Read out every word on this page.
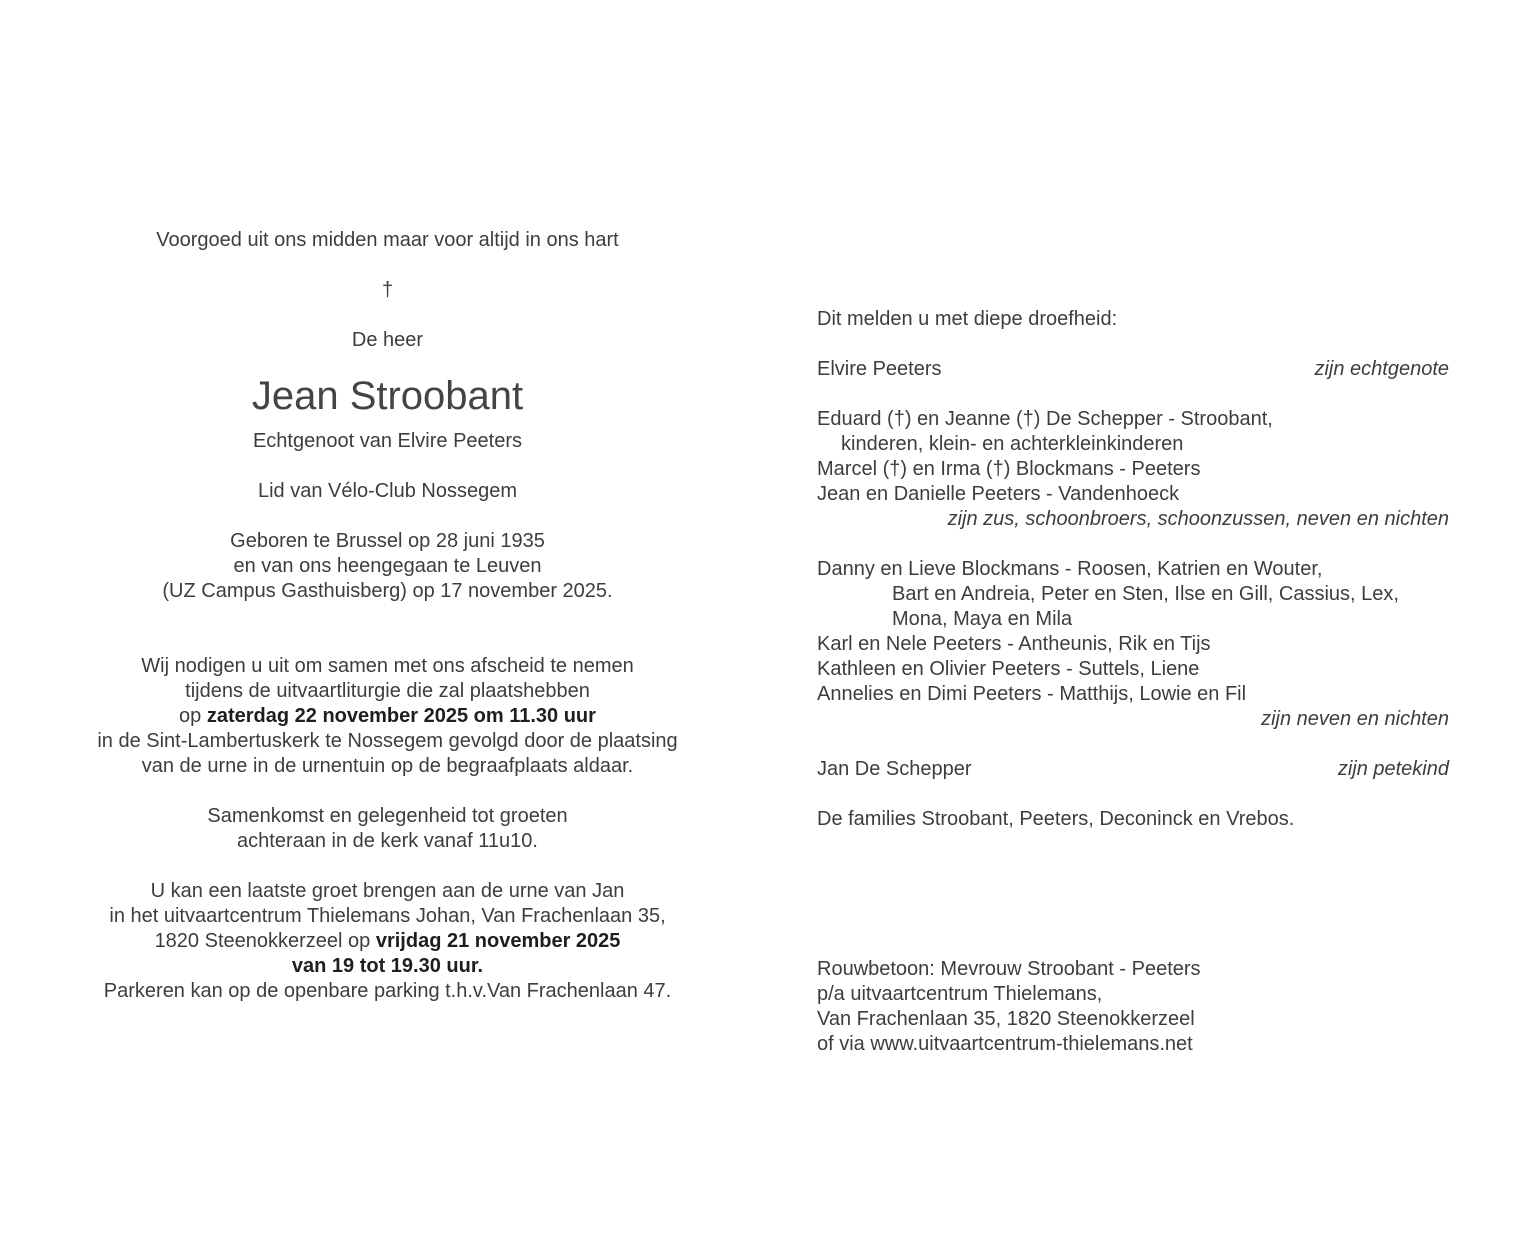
Voorgoed uit ons midden maar voor altijd in ons hart

†

De heer

Jean Stroobant

Echtgenoot van Elvire Peeters

Lid van Vélo-Club Nossegem

Geboren te Brussel op 28 juni 1935

en van ons heengegaan te Leuven

(UZ Campus Gasthuisberg) op 17 november 2025.

Wij nodigen u uit om samen met ons afscheid te nemen

tijdens de uitvaartliturgie die zal plaatshebben

op zaterdag 22 november 2025 om 11.30 uur

in de Sint-Lambertuskerk te Nossegem gevolgd door de plaatsing

van de urne in de urnentuin op de begraafplaats aldaar.

Samenkomst en gelegenheid tot groeten

achteraan in de kerk vanaf 11u10.

U kan een laatste groet brengen aan de urne van Jan

in het uitvaartcentrum Thielemans Johan, Van Frachenlaan 35,

1820 Steenokkerzeel op vrijdag 21 november 2025

van 19 tot 19.30 uur.

Parkeren kan op de openbare parking t.h.v.Van Frachenlaan 47.

Dit melden u met diepe droefheid:

Elvire Peeters	zijn echtgenote

Eduard (†) en Jeanne (†) De Schepper - Stroobant,

kinderen, klein- en achterkleinkinderen

Marcel (†) en Irma (†) Blockmans - Peeters

Jean en Danielle Peeters - Vandenhoeck

zijn zus, schoonbroers, schoonzussen, neven en nichten

Danny en Lieve Blockmans - Roosen, Katrien en Wouter,

Bart en Andreia, Peter en Sten, Ilse en Gill, Cassius, Lex,

Mona, Maya en Mila

Karl en Nele Peeters - Antheunis, Rik en Tijs

Kathleen en Olivier Peeters - Suttels, Liene

Annelies en Dimi Peeters - Matthijs, Lowie en Fil

zijn neven en nichten

Jan De Schepper	zijn petekind

De families Stroobant, Peeters, Deconinck en Vrebos.

Rouwbetoon: Mevrouw Stroobant - Peeters

p/a uitvaartcentrum Thielemans,

Van Frachenlaan 35, 1820 Steenokkerzeel

of via www.uitvaartcentrum-thielemans.net
